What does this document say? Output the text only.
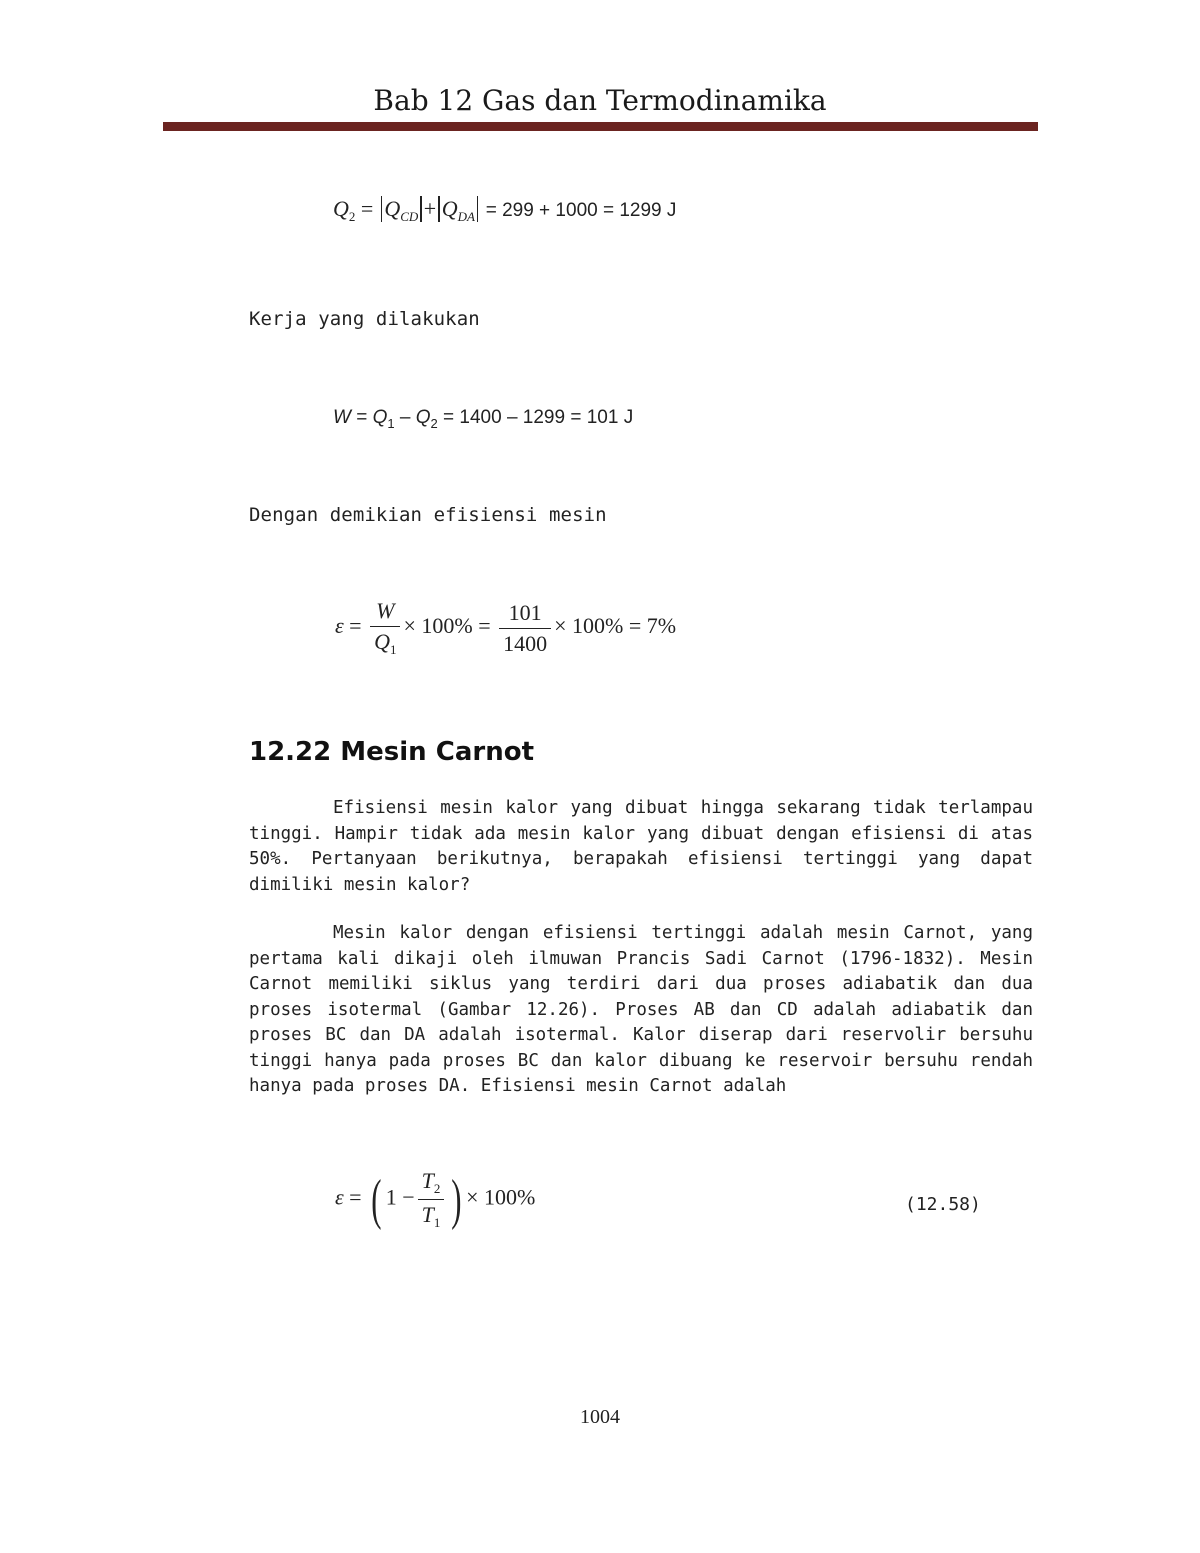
Bab 12 Gas dan Termodinamika
$Q_2 = Q_{CD} + Q_{DA} = 299 + 1000 = 1299$ J
Kerja yang dilakukan
$W = Q_1 - Q_2 = 1400 - 1299 = 101$ J
Dengan demikian efisiensi mesin
$\varepsilon = \frac{W}{Q_1} \times 100\% = \frac{101}{1400} \times 100\% = 7\%$
12.22 Mesin Carnot
Efisiensi mesin kalor yang dibuat hingga sekarang tidak terlampau tinggi. Hampir tidak ada mesin kalor yang dibuat dengan efisiensi di atas 50%. Pertanyaan berikutnya, berapakah efisiensi tertinggi yang dapat dimiliki mesin kalor?
Mesin kalor dengan efisiensi tertinggi adalah mesin Carnot, yang pertama kali dikaji oleh ilmuwan Prancis Sadi Carnot (1796-1832). Mesin Carnot memiliki siklus yang terdiri dari dua proses adiabatik dan dua proses isotermal (Gambar 12.26). Proses AB dan CD adalah adiabatik dan proses BC dan DA adalah isotermal. Kalor diserap dari reservolir bersuhu tinggi hanya pada proses BC dan kalor dibuang ke reservoir bersuhu rendah hanya pada proses DA. Efisiensi mesin Carnot adalah
ε = ( $1 - \frac{T_2}{T_1}$ ) × 100%	(12.58)
1004
